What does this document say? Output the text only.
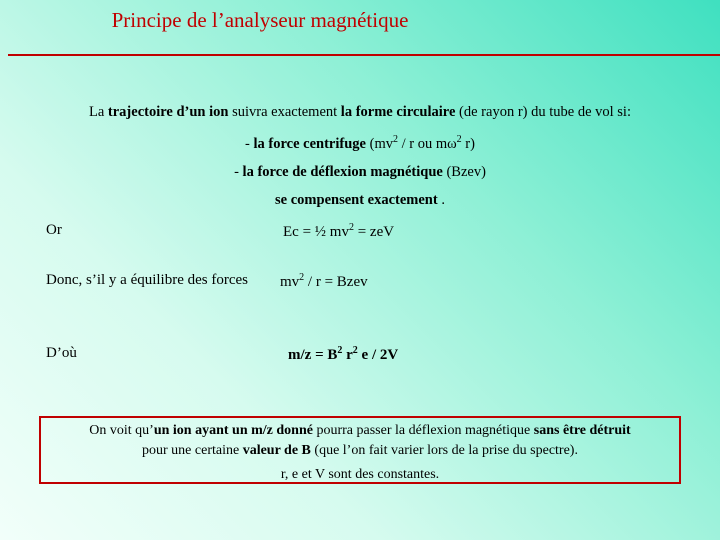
Principe de l’analyseur magnétique

La trajectoire d’un ion suivra exactement la forme circulaire (de rayon r) du tube de vol si:

- la force centrifuge ($mv^2$ / r ou $m\omega^2$ r)

- la force de déflexion magnétique (Bzev)

se compensent exactement .

Or	Ec = ½ $mv^2$ = zeV
Donc, s’il y a équilibre des forces $mv^2$ / r = Bzev
D’où	$m/z = B^2$ $r^2$ e / 2V

On voit qu’un ion ayant un m/z donné pourra passer la déflexion magnétique sans être détruit

pour une certaine valeur de B (que l’on fait varier lors de la prise du spectre).

r, e et V sont des constantes.
